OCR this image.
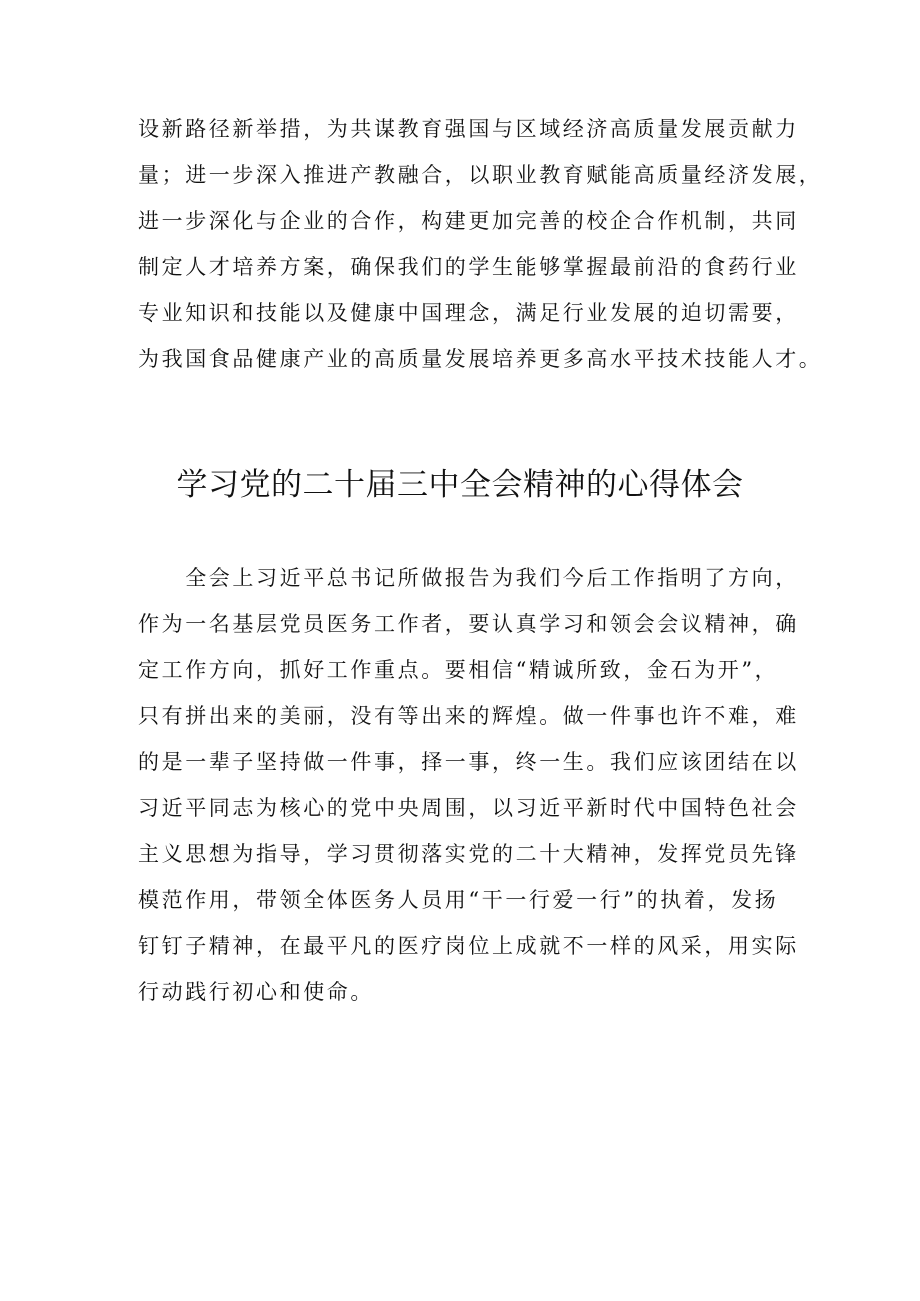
设新路径新举措，为共谋教育强国与区域经济高质量发展贡献力
量；进一步深入推进产教融合，以职业教育赋能高质量经济发展，
进一步深化与企业的合作，构建更加完善的校企合作机制，共同
制定人才培养方案，确保我们的学生能够掌握最前沿的食药行业
专业知识和技能以及健康中国理念，满足行业发展的迫切需要，
为我国食品健康产业的高质量发展培养更多高水平技术技能人才。
学习党的二十届三中全会精神的心得体会
　　全会上习近平总书记所做报告为我们今后工作指明了方向，
作为一名基层党员医务工作者，要认真学习和领会会议精神，确
定工作方向，抓好工作重点。要相信“精诚所致，金石为开”，
只有拼出来的美丽，没有等出来的辉煌。做一件事也许不难，难
的是一辈子坚持做一件事，择一事，终一生。我们应该团结在以
习近平同志为核心的党中央周围，以习近平新时代中国特色社会
主义思想为指导，学习贯彻落实党的二十大精神，发挥党员先锋
模范作用，带领全体医务人员用“干一行爱一行”的执着，发扬
钉钉子精神，在最平凡的医疗岗位上成就不一样的风采，用实际
行动践行初心和使命。
